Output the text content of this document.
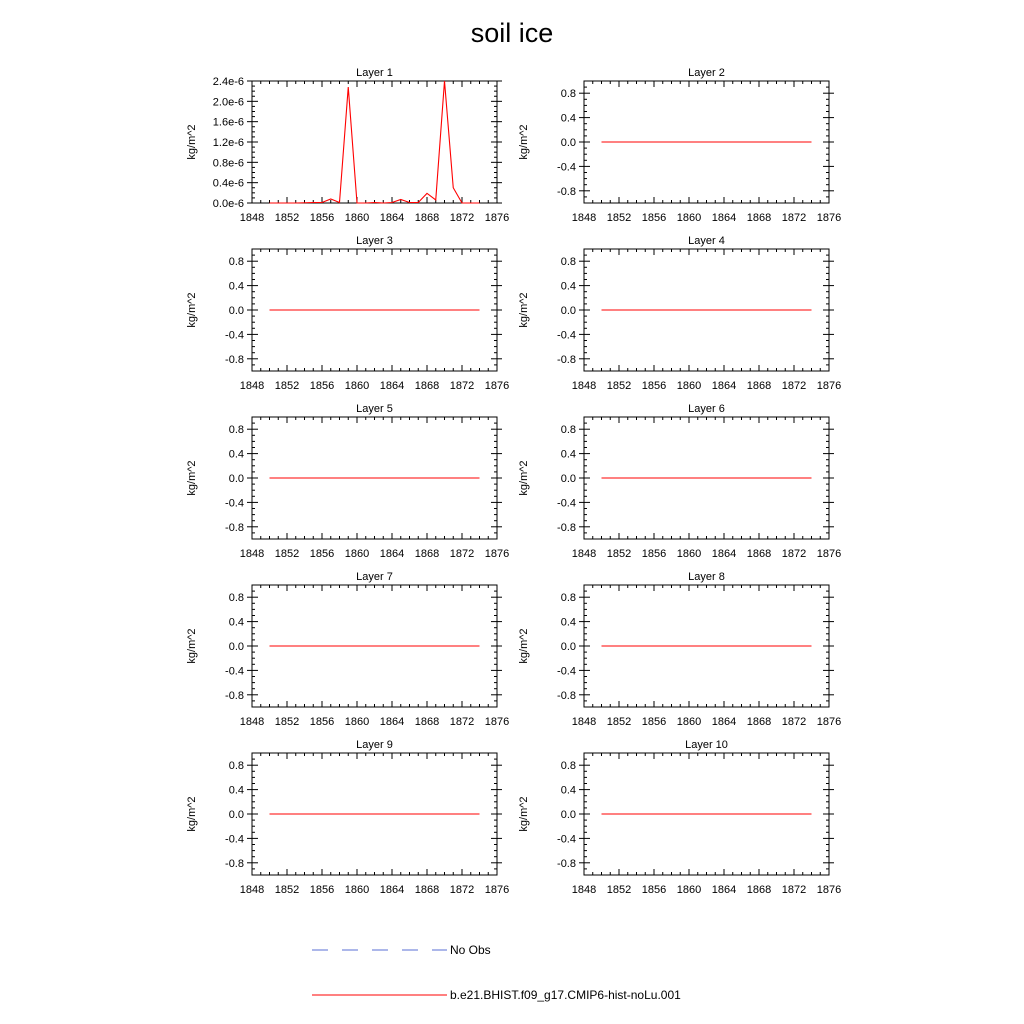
soil ice
Layer 1
kg/m^2
1848 1852 1856 1860 1864 1868 1872 1876
0.0e-6
0.4e-6
0.8e-6
1.2e-6
1.6e-6
2.0e-6
2.4e-6
Layer 2
kg/m^2
1848 1852 1856 1860 1864 1868 1872 1876
-0.8
-0.4
0.0
0.4
0.8
Layer 3
kg/m^2
1848 1852 1856 1860 1864 1868 1872 1876
-0.8
-0.4
0.0
0.4
0.8
Layer 4
kg/m^2
1848 1852 1856 1860 1864 1868 1872 1876
-0.8
-0.4
0.0
0.4
0.8
Layer 5
kg/m^2
1848 1852 1856 1860 1864 1868 1872 1876
-0.8
-0.4
0.0
0.4
0.8
Layer 6
kg/m^2
1848 1852 1856 1860 1864 1868 1872 1876
-0.8
-0.4
0.0
0.4
0.8
Layer 7
kg/m^2
1848 1852 1856 1860 1864 1868 1872 1876
-0.8
-0.4
0.0
0.4
0.8
Layer 8
kg/m^2
1848 1852 1856 1860 1864 1868 1872 1876
-0.8
-0.4
0.0
0.4
0.8
Layer 9
kg/m^2
1848 1852 1856 1860 1864 1868 1872 1876
-0.8
-0.4
0.0
0.4
0.8
Layer 10
kg/m^2
1848 1852 1856 1860 1864 1868 1872 1876
-0.8
-0.4
0.0
0.4
0.8
No Obs
b.e21.BHIST.f09_g17.CMIP6-hist-noLu.001
